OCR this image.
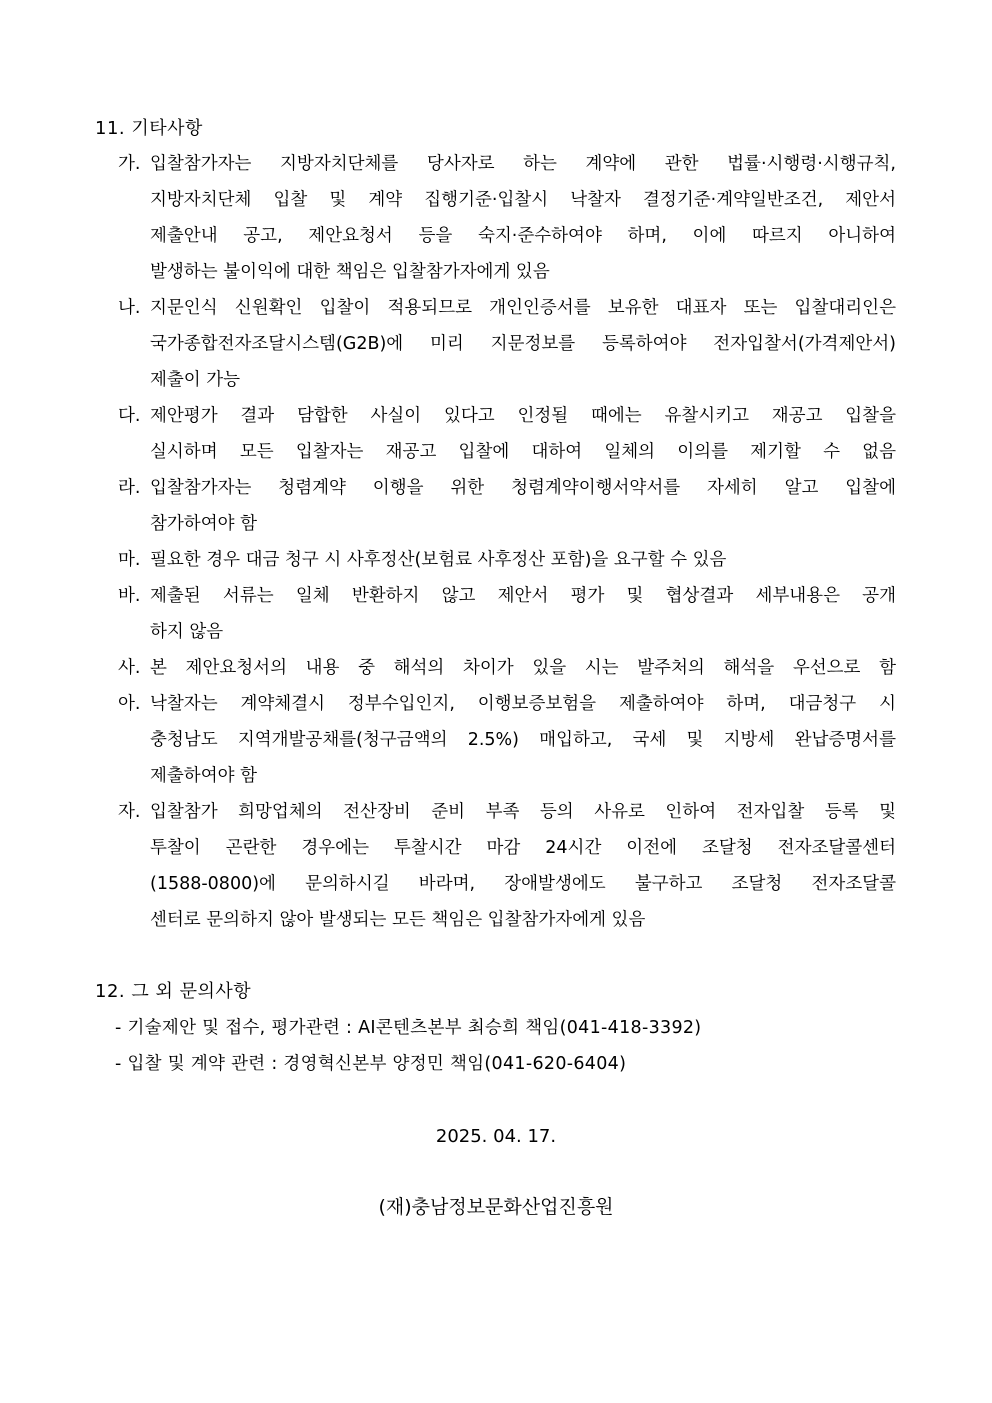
11. 기타사항
가. 입찰참가자는 지방자치단체를 당사자로 하는 계약에 관한 법률·시행령·시행규칙,
지방자치단체 입찰 및 계약 집행기준·입찰시 낙찰자 결정기준·계약일반조건, 제안서
제출안내 공고, 제안요청서 등을 숙지·준수하여야 하며, 이에 따르지 아니하여
발생하는 불이익에 대한 책임은 입찰참가자에게 있음
나. 지문인식 신원확인 입찰이 적용되므로 개인인증서를 보유한 대표자 또는 입찰대리인은
국가종합전자조달시스템(G2B)에 미리 지문정보를 등록하여야 전자입찰서(가격제안서)
제출이 가능
다. 제안평가 결과 담합한 사실이 있다고 인정될 때에는 유찰시키고 재공고 입찰을
실시하며 모든 입찰자는 재공고 입찰에 대하여 일체의 이의를 제기할 수 없음
라. 입찰참가자는 청렴계약 이행을 위한 청렴계약이행서약서를 자세히 알고 입찰에
참가하여야 함
마. 필요한 경우 대금 청구 시 사후정산(보험료 사후정산 포함)을 요구할 수 있음
바. 제출된 서류는 일체 반환하지 않고 제안서 평가 및 협상결과 세부내용은 공개
하지 않음
사. 본 제안요청서의 내용 중 해석의 차이가 있을 시는 발주처의 해석을 우선으로 함
아. 낙찰자는 계약체결시 정부수입인지, 이행보증보험을 제출하여야 하며, 대금청구 시
충청남도 지역개발공채를(청구금액의 2.5%) 매입하고, 국세 및 지방세 완납증명서를
제출하여야 함
자. 입찰참가 희망업체의 전산장비 준비 부족 등의 사유로 인하여 전자입찰 등록 및
투찰이 곤란한 경우에는 투찰시간 마감 24시간 이전에 조달청 전자조달콜센터
(1588-0800)에 문의하시길 바라며, 장애발생에도 불구하고 조달청 전자조달콜
센터로 문의하지 않아 발생되는 모든 책임은 입찰참가자에게 있음
12. 그 외 문의사항
- 기술제안 및 접수, 평가관련 : AI콘텐츠본부 최승희 책임(041-418-3392)
- 입찰 및 계약 관련 : 경영혁신본부 양정민 책임(041-620-6404)
2025. 04. 17.
(재)충남정보문화산업진흥원
